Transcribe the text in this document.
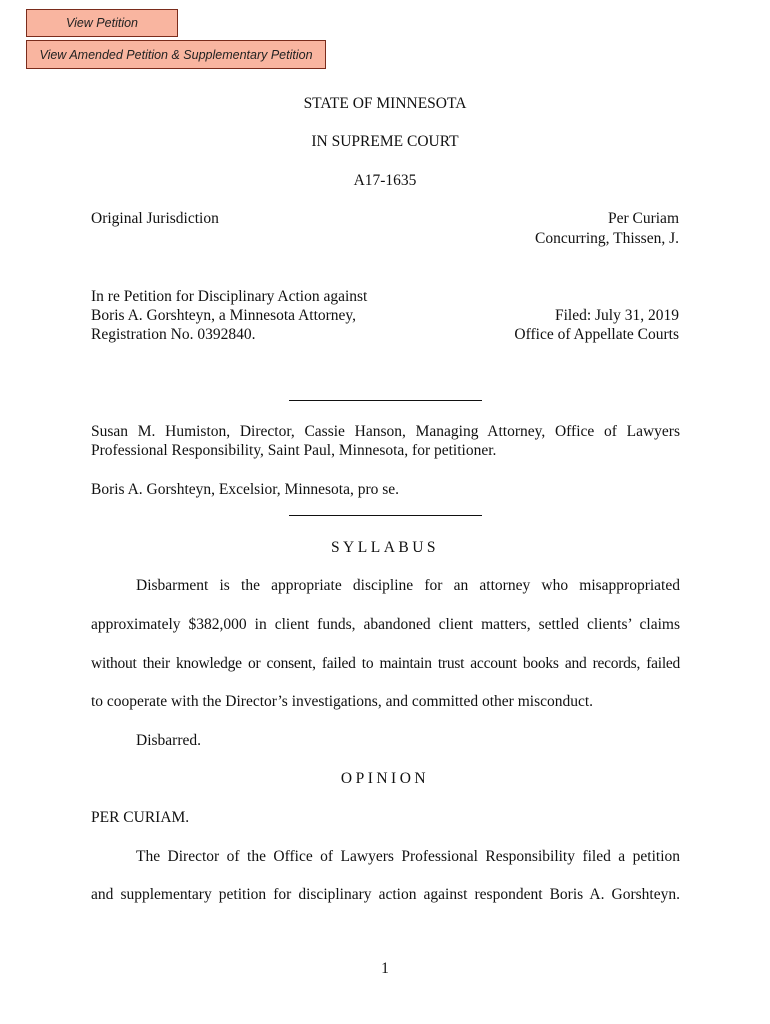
View Petition
View Amended Petition & Supplementary Petition
STATE OF MINNESOTA
IN SUPREME COURT
A17-1635
Original Jurisdiction	Per Curiam
Concurring, Thissen, J.
In re Petition for Disciplinary Action against
Boris A. Gorshteyn, a Minnesota Attorney,
Registration No. 0392840.
Filed: July 31, 2019
Office of Appellate Courts
Susan M. Humiston, Director, Cassie Hanson, Managing Attorney, Office of Lawyers
Professional Responsibility, Saint Paul, Minnesota, for petitioner.
Boris A. Gorshteyn, Excelsior, Minnesota, pro se.
SYLLABUS
Disbarment is the appropriate discipline for an attorney who misappropriated
approximately $382,000 in client funds, abandoned client matters, settled clients’ claims
without their knowledge or consent, failed to maintain trust account books and records, failed
to cooperate with the Director’s investigations, and committed other misconduct.
Disbarred.
OPINION
PER CURIAM.
The Director of the Office of Lawyers Professional Responsibility filed a petition
and supplementary petition for disciplinary action against respondent Boris A. Gorshteyn.
1
